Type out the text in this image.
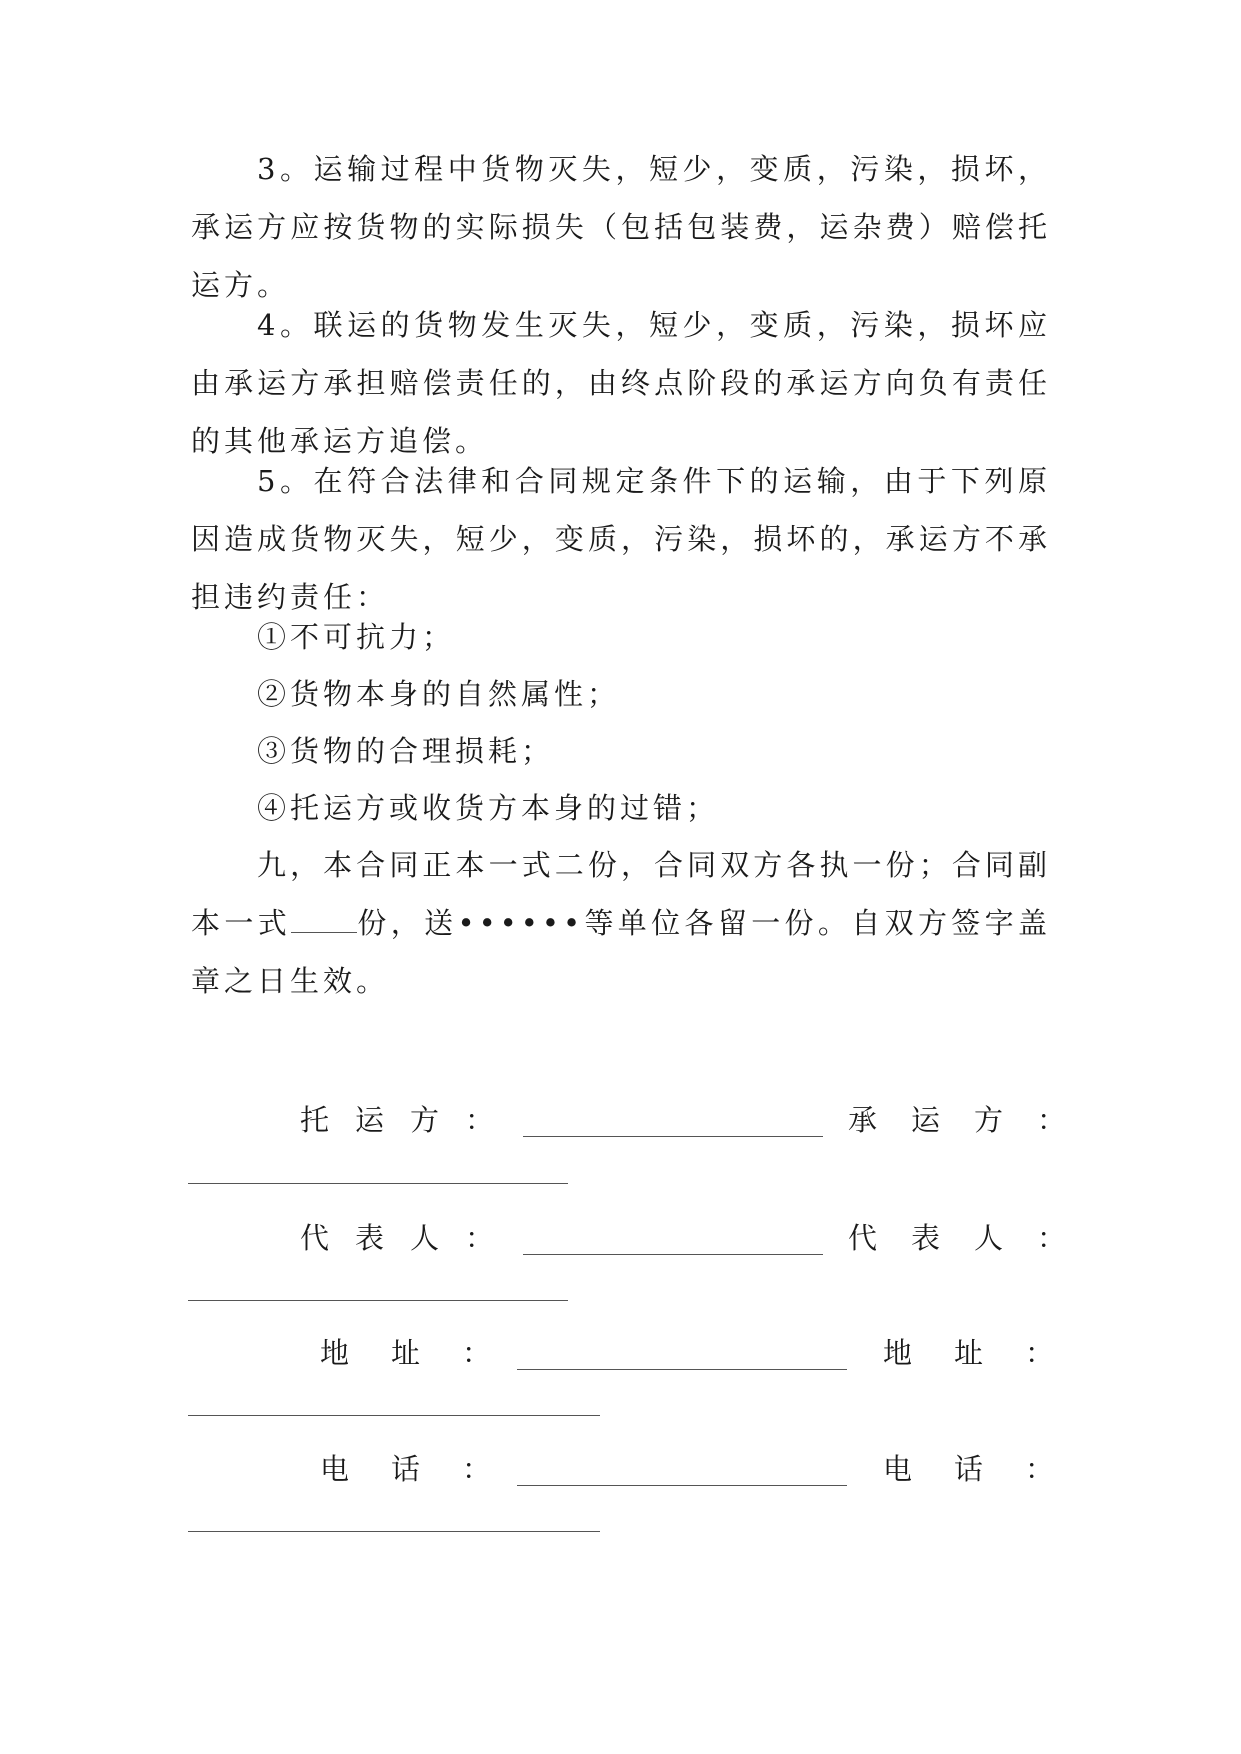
3。运输过程中货物灭失，短少，变质，污染，损坏，承运方应按货物的实际损失（包括包装费，运杂费）赔偿托运方。

4。联运的货物发生灭失，短少，变质，污染，损坏应由承运方承担赔偿责任的，由终点阶段的承运方向负有责任的其他承运方追偿。

5。在符合法律和合同规定条件下的运输，由于下列原因造成货物灭失，短少，变质，污染，损坏的，承运方不承担违约责任：

①不可抗力；

②货物本身的自然属性；

③货物的合理损耗；

④托运方或收货方本身的过错；

九，本合同正本一式二份，合同双方各执一份；合同副本一式 份，送••••••等单位各留一份。自双方签字盖章之日生效。

托运方：	承运方：
代表人：	代表人：
地址：	地址：
电话：	电话：
